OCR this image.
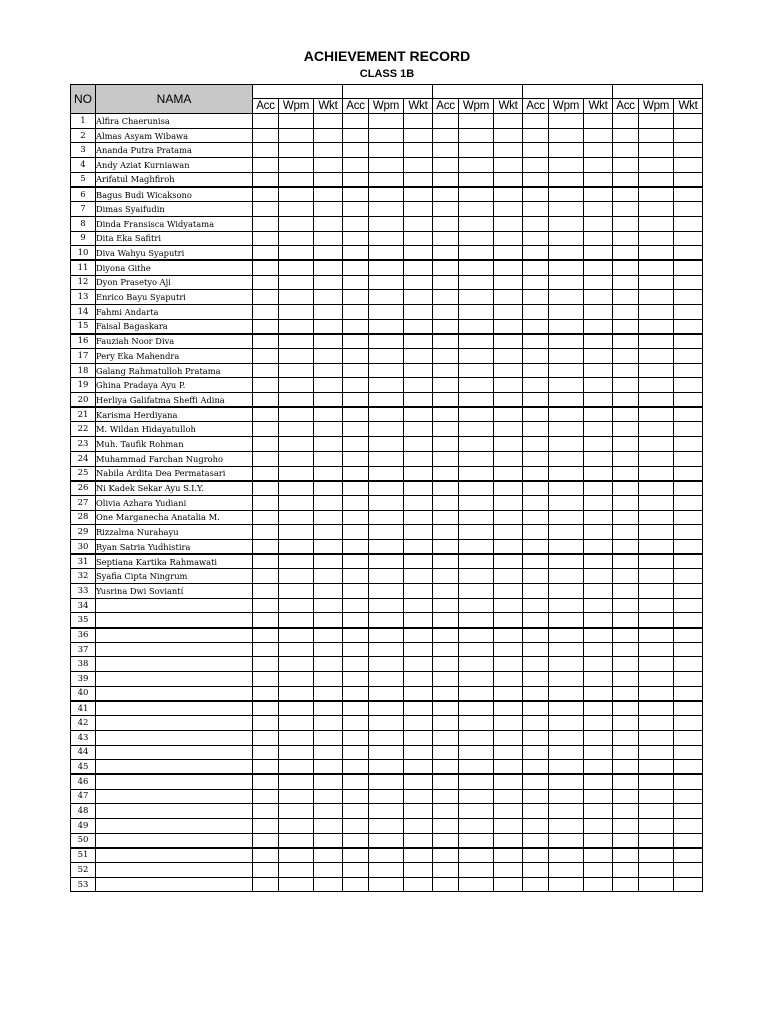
ACHIEVEMENT RECORD
CLASS 1B
NO	NAMA															
		Acc	Wpm	Wkt	Acc	Wpm	Wkt	Acc	Wpm	Wkt	Acc	Wpm	Wkt	Acc	Wpm	Wkt
1	Alfira Chaerunisa															
2	Almas Asyam Wibawa															
3	Ananda Putra Pratama															
4	Andy Aziat Kurniawan															
5	Arifatul Maghfiroh															
6	Bagus Budi Wicaksono															
7	Dimas Syaifudin															
8	Dinda Fransisca Widyatama															
9	Dita Eka Safitri															
10	Diva Wahyu Syaputri															
11	Diyona Githe															
12	Dyon Prasetyo Aji															
13	Enrico Bayu Syaputri															
14	Fahmi Andarta															
15	Faisal Bagaskara															
16	Fauziah Noor Diva															
17	Pery Eka Mahendra															
18	Galang Rahmatulloh Pratama															
19	Ghina Pradaya Ayu P.															
20	Herliya Galifatma Sheffi Adina															
21	Karisma Herdiyana															
22	M. Wildan Hidayatulloh															
23	Muh. Taufik Rohman															
24	Muhammad Farchan Nugroho															
25	Nabila Ardita Dea Permatasari															
26	Ni Kadek Sekar Ayu S.I.Y.															
27	Olivia Azhara Yudiani															
28	One Marganecha Anatalia M.															
29	Rizzalma Nurahayu															
30	Ryan Satria Yudhistira															
31	Septiana Kartika Rahmawati															
32	Syafia Cipta Ningrum															
33	Yusrina Dwi Soviantí															
34																
35																
36																
37																
38																
39																
40																
41																
42																
43																
44																
45																
46																
47																
48																
49																
50																
51																
52																
53																
